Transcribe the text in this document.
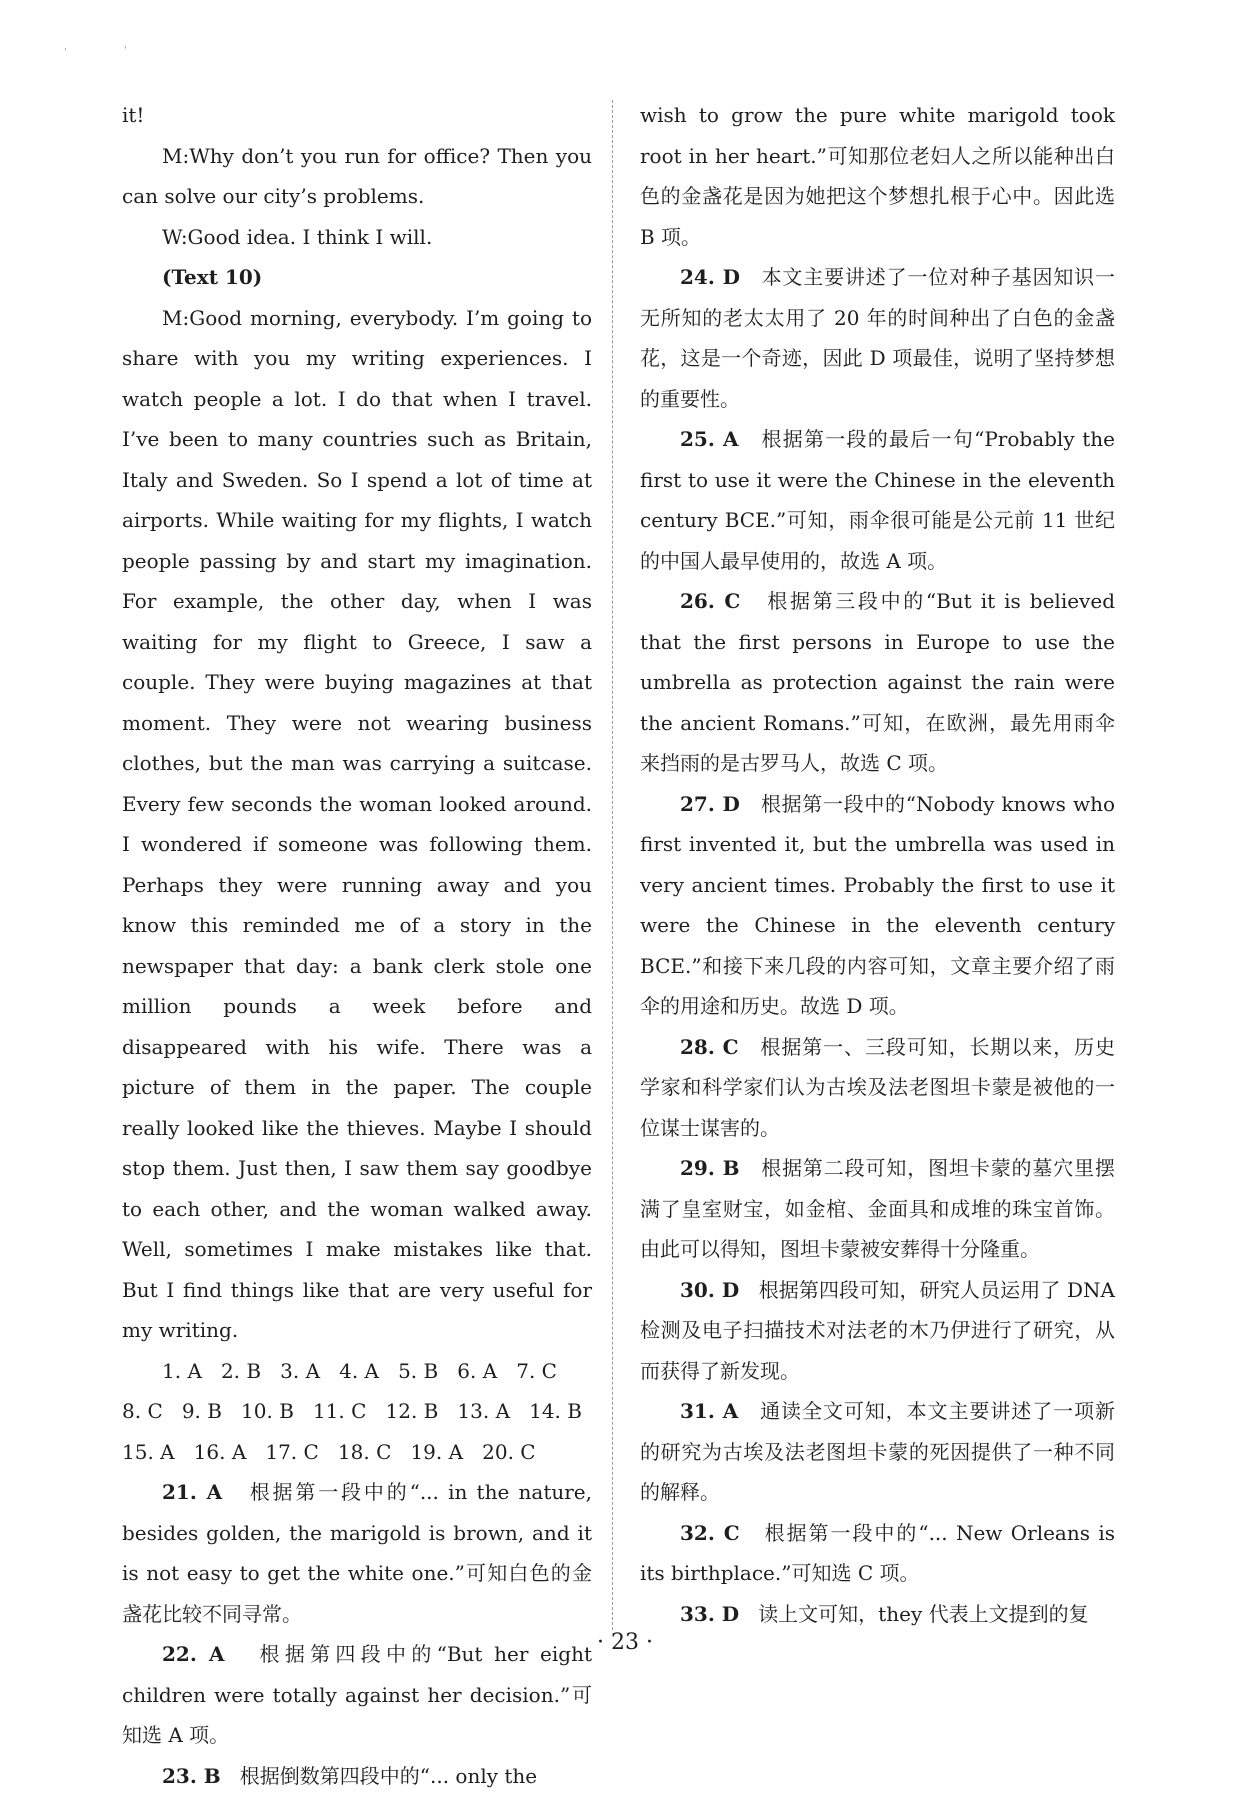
ˈ	ˈ

it!

M:Why don’t you run for office? Then you can solve our city’s problems.

W:Good idea. I think I will.

(Text 10)

M:Good morning, everybody. I’m going to share with you my writing experiences. I watch people a lot. I do that when I travel. I’ve been to many countries such as Britain, Italy and Sweden. So I spend a lot of time at airports. While waiting for my flights, I watch people passing by and start my imagination. For example, the other day, when I was waiting for my flight to Greece, I saw a couple. They were buying magazines at that moment. They were not wearing business clothes, but the man was carrying a suitcase. Every few seconds the woman looked around. I wondered if someone was following them. Perhaps they were running away and you know this reminded me of a story in the newspaper that day: a bank clerk stole one million pounds a week before and disappeared with his wife. There was a picture of them in the paper. The couple really looked like the thieves. Maybe I should stop them. Just then, I saw them say goodbye to each other, and the woman walked away. Well, sometimes I make mistakes like that. But I find things like that are very useful for my writing.

1. A   2. B   3. A   4. A   5. B   6. A   7. C
8. C   9. B   10. B   11. C   12. B   13. A   14. B
15. A   16. A   17. C   18. C   19. A   20. C

21. A 根据第一段中的“... in the nature, besides golden, the marigold is brown, and it is not easy to get the white one.”可知白色的金盏花比较不同寻常。

22. A 根据第四段中的“But her eight children were totally against her decision.”可知选 A 项。

23. B 根据倒数第四段中的“... only the

wish to grow the pure white marigold took root in her heart.”可知那位老妇人之所以能种出白色的金盏花是因为她把这个梦想扎根于心中。因此选 B 项。

24. D 本文主要讲述了一位对种子基因知识一无所知的老太太用了 20 年的时间种出了白色的金盏花，这是一个奇迹，因此 D 项最佳，说明了坚持梦想的重要性。

25. A 根据第一段的最后一句“Probably the first to use it were the Chinese in the eleventh century BCE.”可知，雨伞很可能是公元前 11 世纪的中国人最早使用的，故选 A 项。

26. C 根据第三段中的“But it is believed that the first persons in Europe to use the umbrella as protection against the rain were the ancient Romans.”可知，在欧洲，最先用雨伞来挡雨的是古罗马人，故选 C 项。

27. D 根据第一段中的“Nobody knows who first invented it, but the umbrella was used in very ancient times. Probably the first to use it were the Chinese in the eleventh century BCE.”和接下来几段的内容可知，文章主要介绍了雨伞的用途和历史。故选 D 项。

28. C 根据第一、三段可知，长期以来，历史学家和科学家们认为古埃及法老图坦卡蒙是被他的一位谋士谋害的。

29. B 根据第二段可知，图坦卡蒙的墓穴里摆满了皇室财宝，如金棺、金面具和成堆的珠宝首饰。由此可以得知，图坦卡蒙被安葬得十分隆重。

30. D 根据第四段可知，研究人员运用了 DNA 检测及电子扫描技术对法老的木乃伊进行了研究，从而获得了新发现。

31. A 通读全文可知，本文主要讲述了一项新的研究为古埃及法老图坦卡蒙的死因提供了一种不同的解释。

32. C 根据第一段中的“... New Orleans is its birthplace.”可知选 C 项。

33. D 读上文可知，they 代表上文提到的复

· 23 ·
